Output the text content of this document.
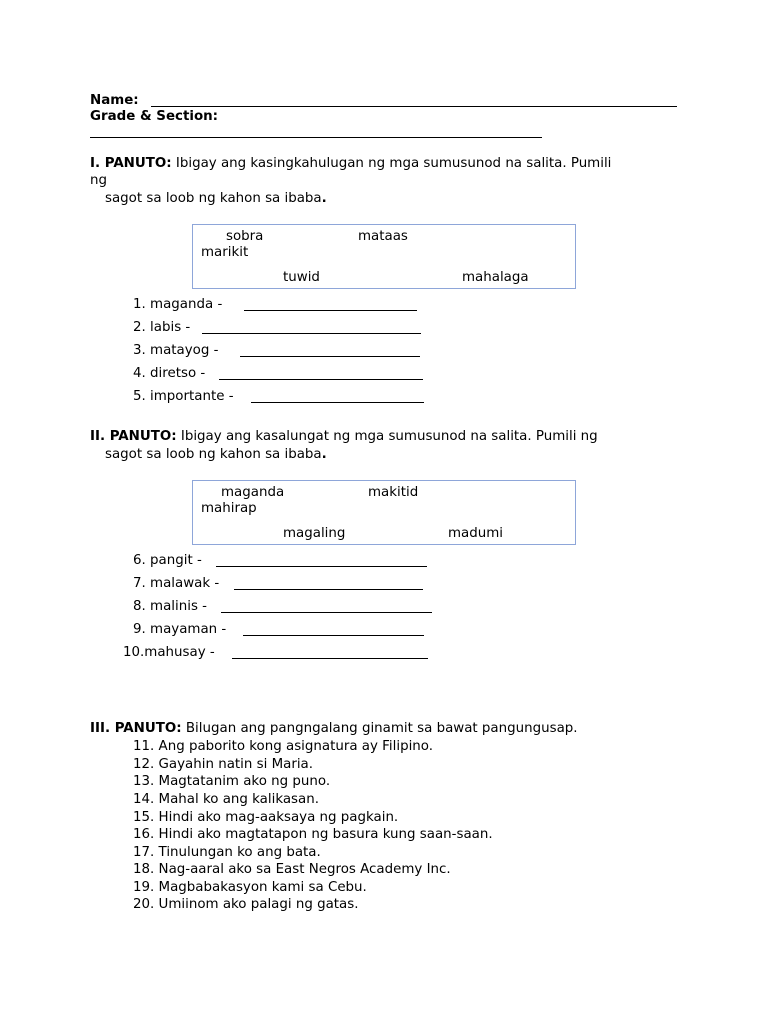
Name:
Grade & Section:
I. PANUTO: Ibigay ang kasingkahulugan ng mga sumusunod na salita. Pumili
ng
sagot sa loob ng kahon sa ibaba.
sobra	mataas
marikit
tuwid	mahalaga
1. maganda -
2. labis -
3. matayog -
4. diretso -
5. importante -
II. PANUTO: Ibigay ang kasalungat ng mga sumusunod na salita. Pumili ng
sagot sa loob ng kahon sa ibaba.
maganda	makitid
mahirap
magaling	madumi
6. pangit -
7. malawak -
8. malinis -
9. mayaman -
10.mahusay -
III. PANUTO: Bilugan ang pangngalang ginamit sa bawat pangungusap.
11. Ang paborito kong asignatura ay Filipino.
12. Gayahin natin si Maria.
13. Magtatanim ako ng puno.
14. Mahal ko ang kalikasan.
15. Hindi ako mag-aaksaya ng pagkain.
16. Hindi ako magtatapon ng basura kung saan-saan.
17. Tinulungan ko ang bata.
18. Nag-aaral ako sa East Negros Academy Inc.
19. Magbabakasyon kami sa Cebu.
20. Umiinom ako palagi ng gatas.
